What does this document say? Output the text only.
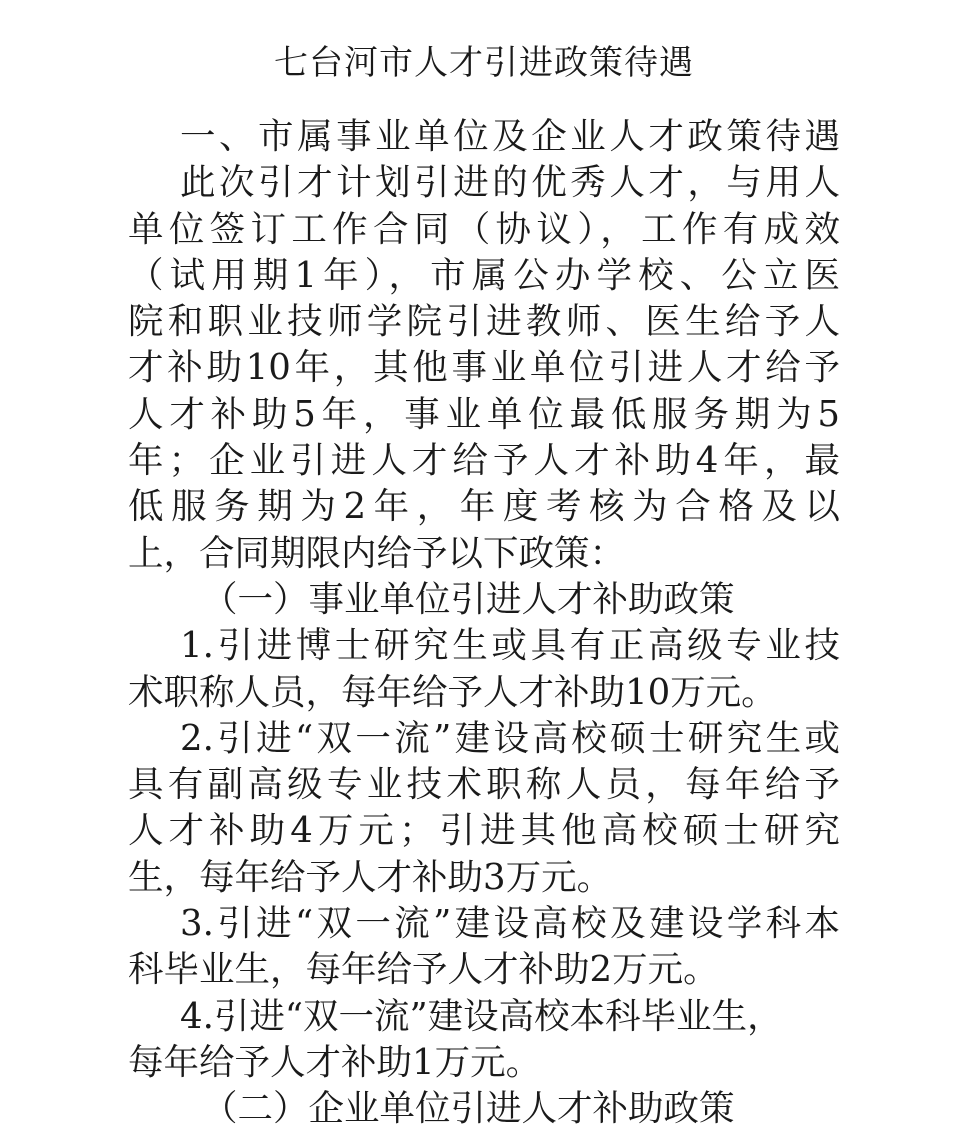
七台河市人才引进政策待遇
一、市属事业单位及企业人才政策待遇
此次引才计划引进的优秀人才，与用人
单位签订工作合同（协议），工作有成效
（试用期1年），市属公办学校、公立医
院和职业技师学院引进教师、医生给予人
才补助10年，其他事业单位引进人才给予
人才补助5年，事业单位最低服务期为5
年；企业引进人才给予人才补助4年，最
低服务期为2年，年度考核为合格及以
上，合同期限内给予以下政策：
（一）事业单位引进人才补助政策
1.引进博士研究生或具有正高级专业技
术职称人员，每年给予人才补助10万元。
2.引进“双一流”建设高校硕士研究生或
具有副高级专业技术职称人员，每年给予
人才补助4万元；引进其他高校硕士研究
生，每年给予人才补助3万元。
3.引进“双一流”建设高校及建设学科本
科毕业生，每年给予人才补助2万元。
4.引进“双一流”建设高校本科毕业生，
每年给予人才补助1万元。
（二）企业单位引进人才补助政策
